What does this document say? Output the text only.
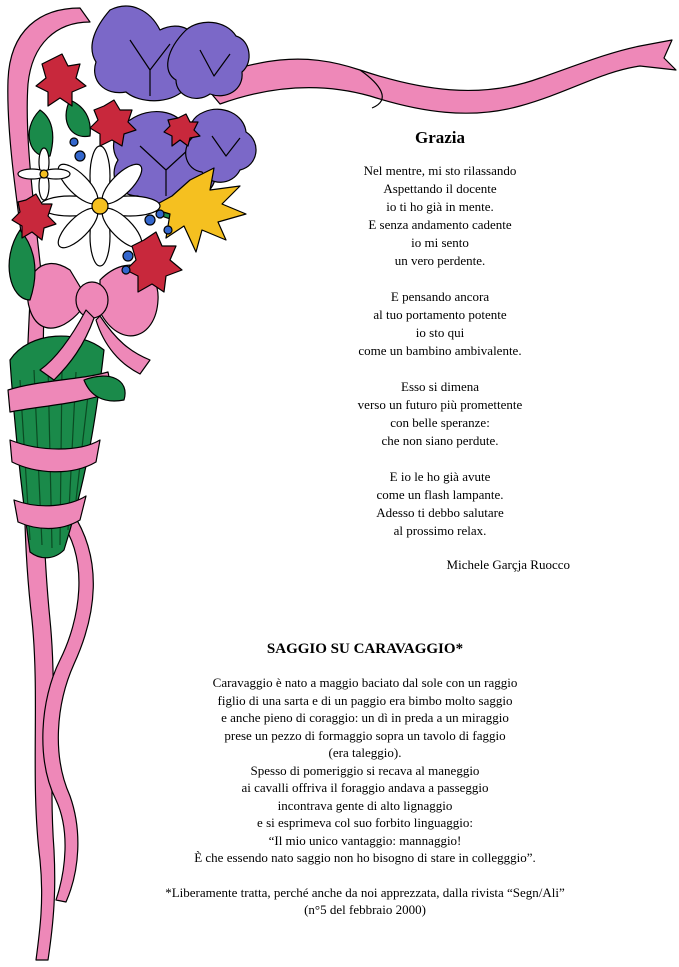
Grazia
Nel mentre, mi sto rilassando
Aspettando il docente
io ti ho già in mente.
E senza andamento cadente
io mi sento
un vero perdente.
E pensando ancora
al tuo portamento potente
io sto qui
come un bambino ambivalente.
Esso si dimena
verso un futuro più promettente
con belle speranze:
che non siano perdute.
E io le ho già avute
come un flash lampante.
Adesso ti debbo salutare
al prossimo relax.
Michele Garçja Ruocco
SAGGIO SU CARAVAGGIO*
Caravaggio è nato a maggio baciato dal sole con un raggio
figlio di una sarta e di un paggio era bimbo molto saggio
e anche pieno di coraggio: un dì in preda a un miraggio
prese un pezzo di formaggio sopra un tavolo di faggio
(era taleggio).
Spesso di pomeriggio si recava al maneggio
ai cavalli offriva il foraggio andava a passeggio
incontrava gente di alto lignaggio
e si esprimeva col suo forbito linguaggio:
“Il mio unico vantaggio: mannaggio!
È che essendo nato saggio non ho bisogno di stare in collegggio”.
*Liberamente tratta, perché anche da noi apprezzata, dalla rivista “Segn/Ali”
(n°5 del febbraio 2000)
